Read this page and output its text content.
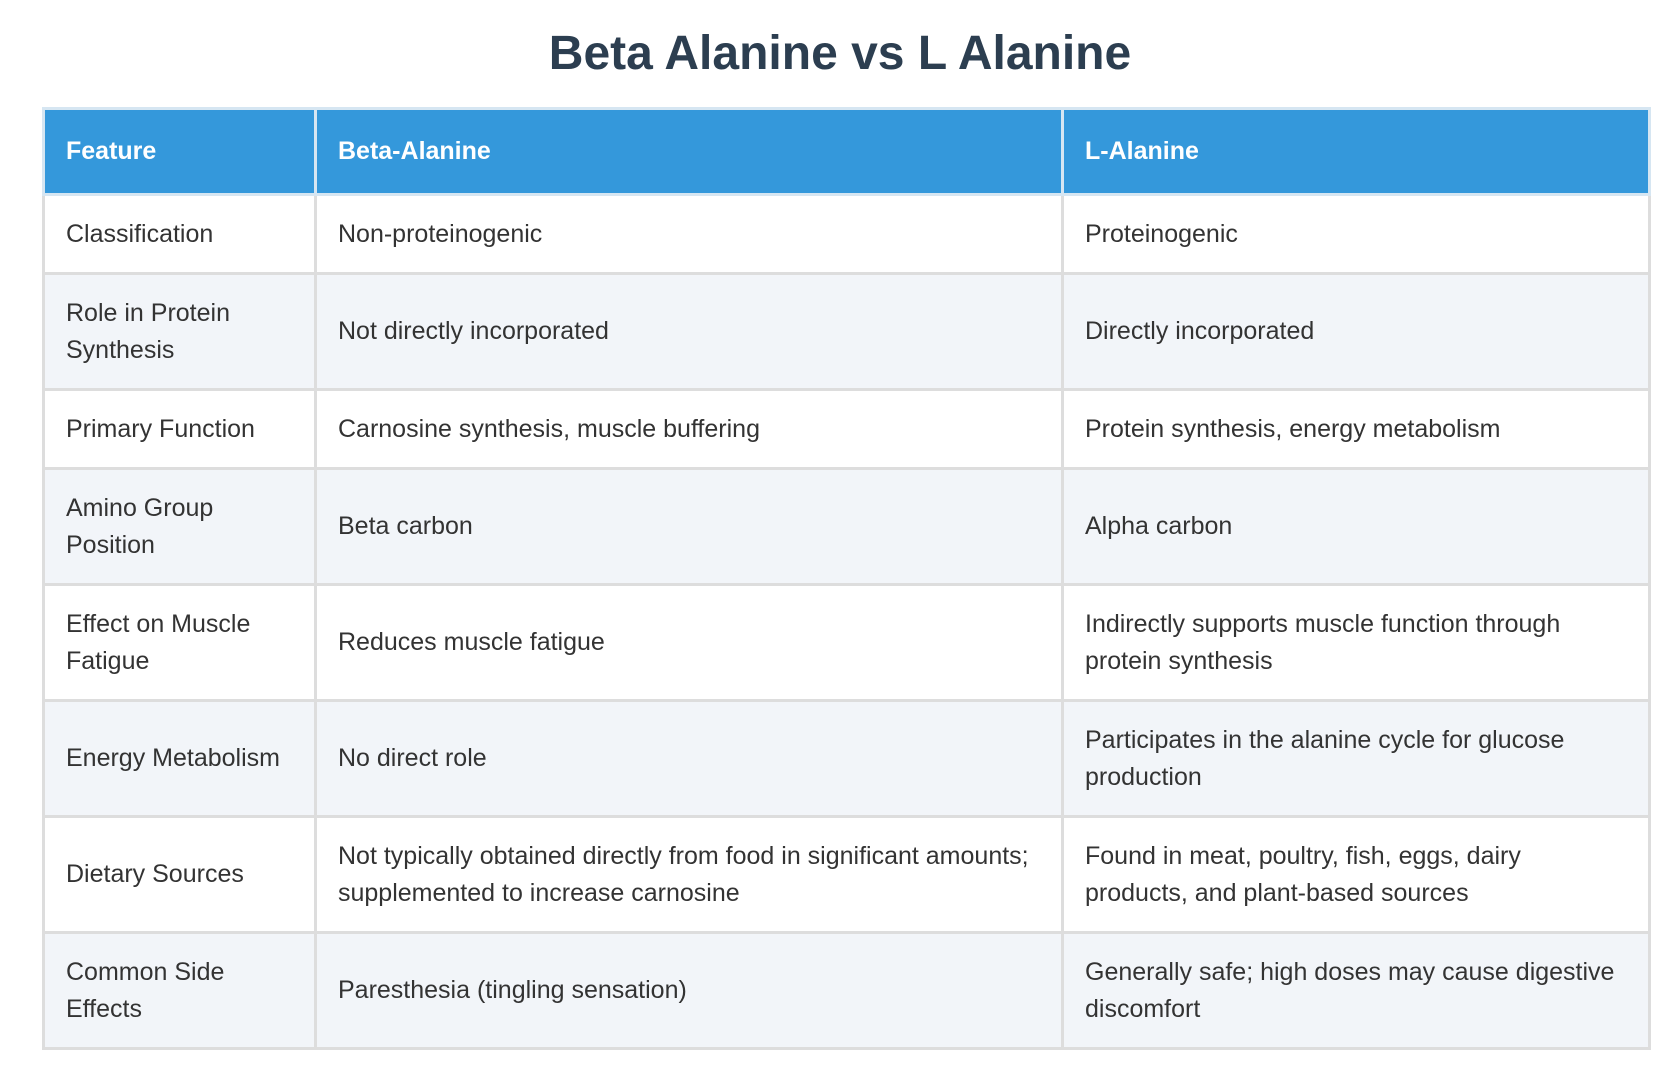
Beta Alanine vs L Alanine
Feature	Beta-Alanine	L-Alanine
Classification	Non-proteinogenic	Proteinogenic
Role in Protein Synthesis	Not directly incorporated	Directly incorporated
Primary Function	Carnosine synthesis, muscle buffering	Protein synthesis, energy metabolism
Amino Group Position	Beta carbon	Alpha carbon
Effect on Muscle Fatigue	Reduces muscle fatigue	Indirectly supports muscle function through protein synthesis
Energy Metabolism	No direct role	Participates in the alanine cycle for glucose production
Dietary Sources	Not typically obtained directly from food in significant amounts; supplemented to increase carnosine	Found in meat, poultry, fish, eggs, dairy products, and plant-based sources
Common Side Effects	Paresthesia (tingling sensation)	Generally safe; high doses may cause digestive discomfort
